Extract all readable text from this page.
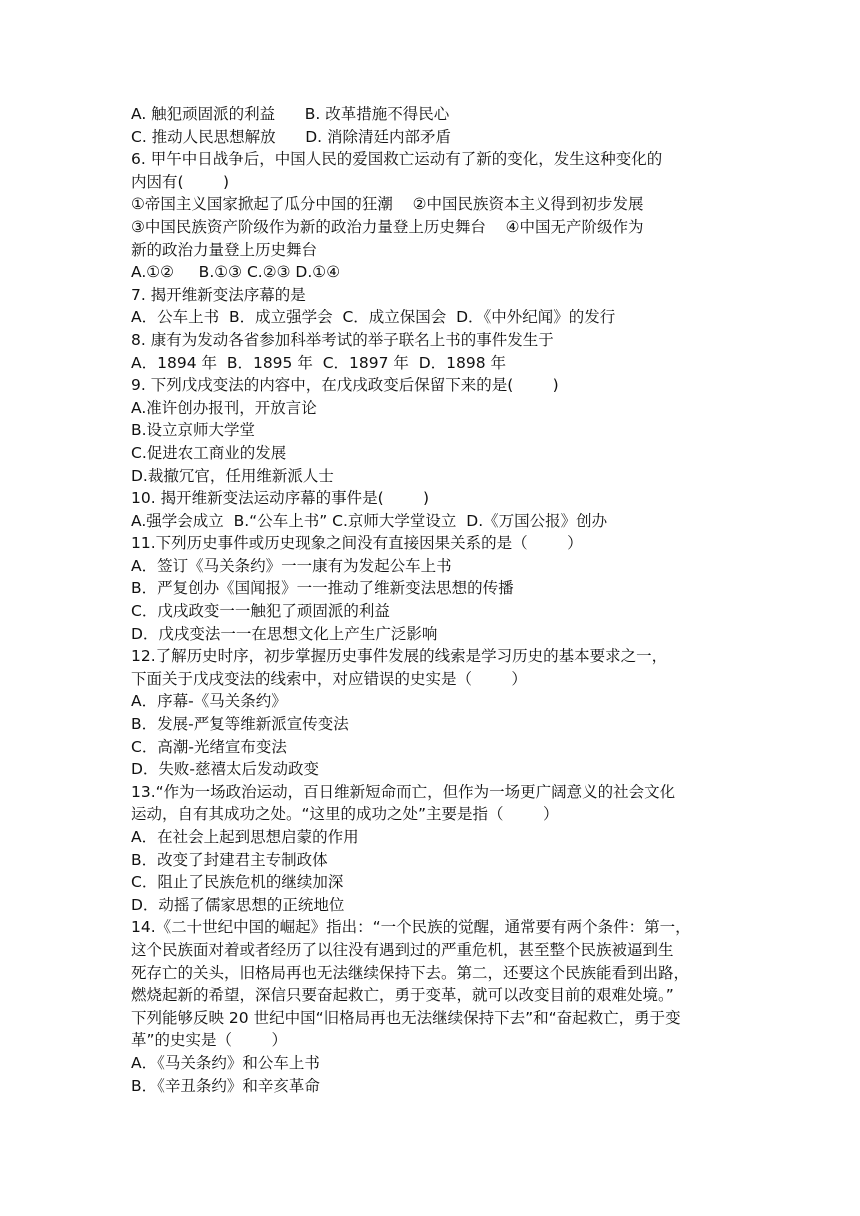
A. 触犯顽固派的利益      B. 改革措施不得民心
C. 推动人民思想解放      D. 消除清廷内部矛盾
6. 甲午中日战争后，中国人民的爱国救亡运动有了新的变化，发生这种变化的
内因有(        )
①帝国主义国家掀起了瓜分中国的狂潮    ②中国民族资本主义得到初步发展
③中国民族资产阶级作为新的政治力量登上历史舞台    ④中国无产阶级作为
新的政治力量登上历史舞台
A.①②     B.①③ C.②③ D.①④
7. 揭开维新变法序幕的是
A．公车上书  B．成立强学会  C．成立保国会  D．《中外纪闻》的发行
8. 康有为发动各省参加科举考试的举子联名上书的事件发生于
A．1894 年  B．1895 年  C．1897 年  D．1898 年
9. 下列戊戌变法的内容中，在戊戌政变后保留下来的是(        )
A.准许创办报刊，开放言论
B.设立京师大学堂
C.促进农工商业的发展
D.裁撤冗官，任用维新派人士
10. 揭开维新变法运动序幕的事件是(        )
A.强学会成立  B.“公车上书” C.京师大学堂设立  D.《万国公报》创办
11.下列历史事件或历史现象之间没有直接因果关系的是（        ）
A．签订《马关条约》一一康有为发起公车上书
B．严复创办《国闻报》一一推动了维新变法思想的传播
C．戊戌政变一一触犯了顽固派的利益
D．戊戌变法一一在思想文化上产生广泛影响
12.了解历史时序，初步掌握历史事件发展的线索是学习历史的基本要求之一，
下面关于戊戌变法的线索中，对应错误的史实是（        ）
A．序幕-《马关条约》
B．发展-严复等维新派宣传变法
C．高潮-光绪宣布变法
D．失败-慈禧太后发动政变
13.“作为一场政治运动，百日维新短命而亡，但作为一场更广阔意义的社会文化
运动，自有其成功之处。“这里的成功之处”主要是指（        ）
A．在社会上起到思想启蒙的作用
B．改变了封建君主专制政体
C．阻止了民族危机的继续加深
D．动摇了儒家思想的正统地位
14.《二十世纪中国的崛起》指出：“一个民族的觉醒，通常要有两个条件：第一，
这个民族面对着或者经历了以往没有遇到过的严重危机，甚至整个民族被逼到生
死存亡的关头，旧格局再也无法继续保持下去。第二，还要这个民族能看到出路，
燃烧起新的希望，深信只要奋起救亡，勇于变革，就可以改变目前的艰难处境。”
下列能够反映 20 世纪中国“旧格局再也无法继续保持下去”和“奋起救亡，勇于变
革”的史实是（        ）
A．《马关条约》和公车上书
B．《辛丑条约》和辛亥革命
